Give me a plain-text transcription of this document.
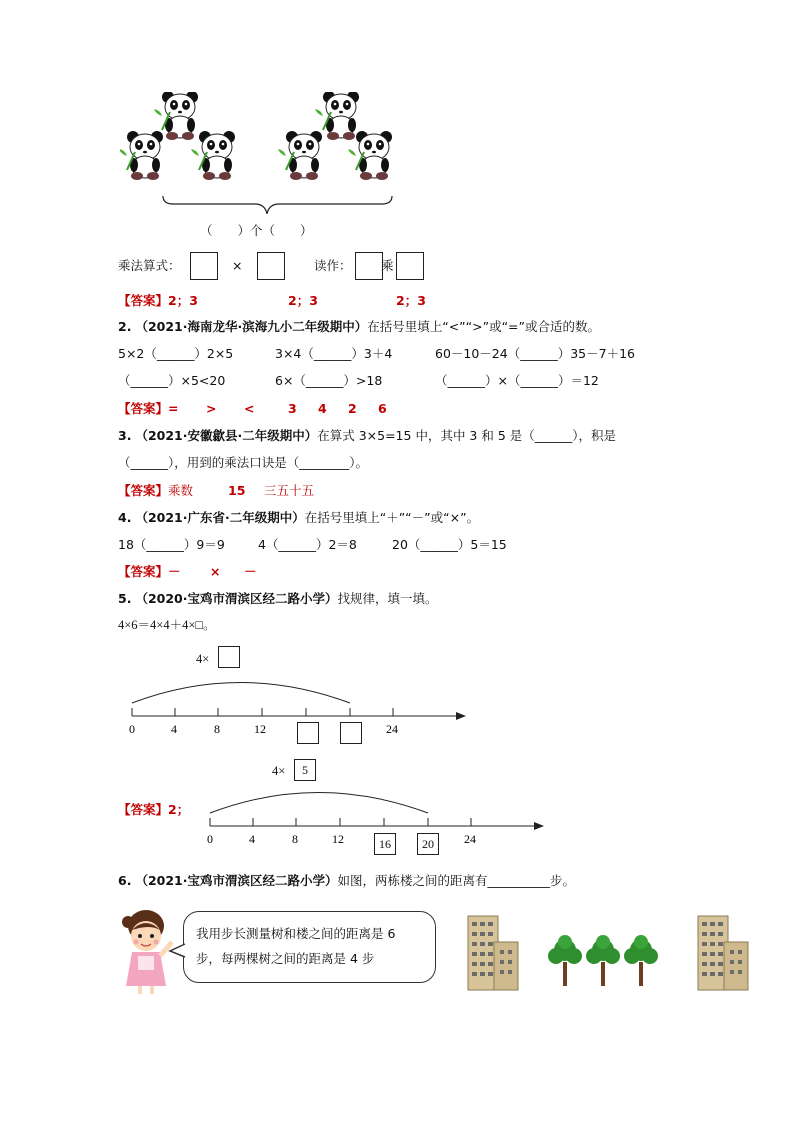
（　　）个（　　）
乘法算式：	×	读作： 乘
【答案】2；3	2；3	2；3
2. （2021·海南龙华·滨海九小二年级期中）在括号里填上“<”“>”或“=”或合适的数。
5×2（______）2×5	3×4（______）3＋4	60－10－24（______）35－7＋16
（______）×5<20	6×（______）>18	（______）×（______）＝12
【答案】= > <	3 4 2 6
3. （2021·安徽歙县·二年级期中）在算式 3×5=15 中，其中 3 和 5 是（______），积是
（______），用到的乘法口诀是（________）。
【答案】乘数	15 三五十五
4. （2021·广东省·二年级期中）在括号里填上“＋”“－”或“×”。
18（______）9＝9	4（______）2＝8	20（______）5＝15
【答案】－ × －
5. （2020·宝鸡市渭滨区经二路小学）找规律，填一填。
4×6＝4×4＋4×□。
4×
0	4	8	12	24
4×	5
【答案】2；
0	4	8	12	24
16	20
6. （2021·宝鸡市渭滨区经二路小学）如图，两栋楼之间的距离有__________步。
我用步长测量树和楼之间的距离是 6
步，每两棵树之间的距离是 4 步
